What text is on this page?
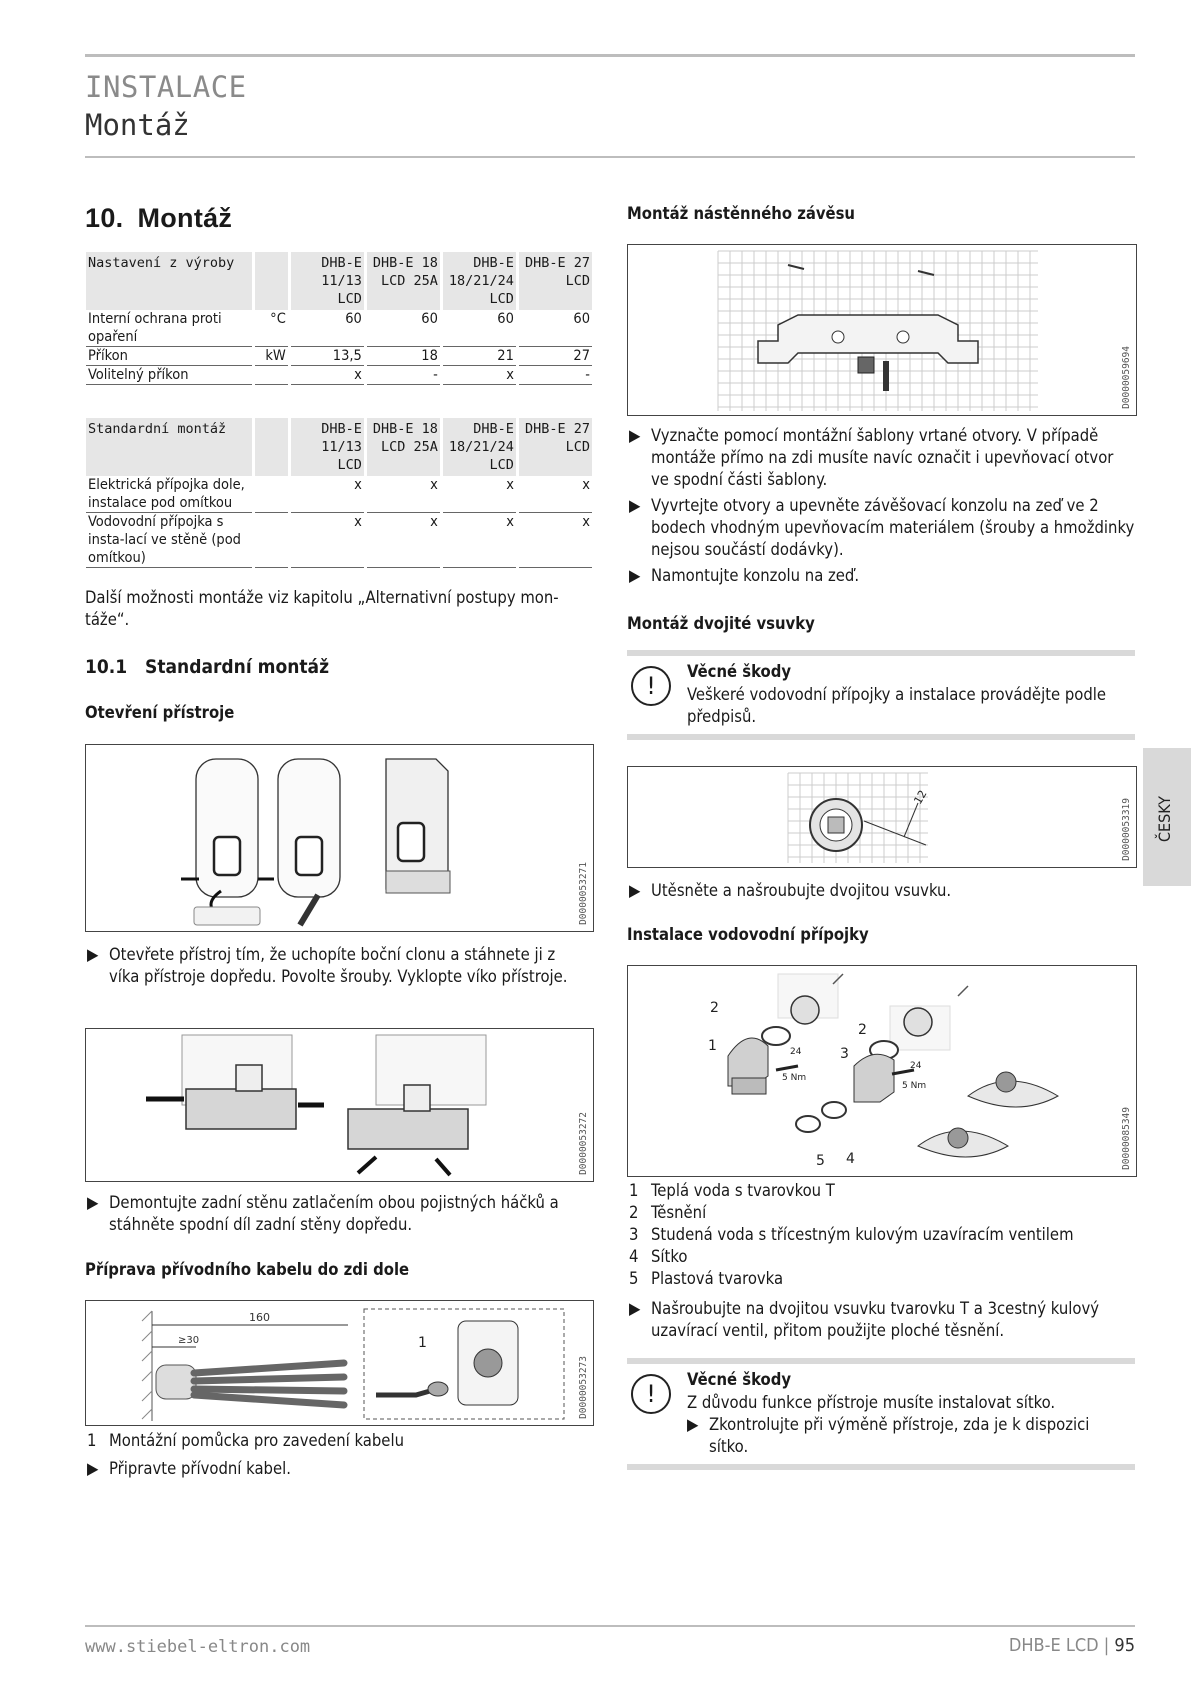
INSTALACE
Montáž
10. Montáž
Nastavení z výroby		DHB-E 11/13 LCD	DHB-E 18 LCD 25A	DHB-E 18/21/24 LCD	DHB-E 27 LCD
Interní ochrana proti opaření	°C	60	60	60	60
Příkon	kW	13,5	18	21	27
Volitelný příkon		x	-	x	-
Standardní montáž		DHB-E 11/13 LCD	DHB-E 18 LCD 25A	DHB-E 18/21/24 LCD	DHB-E 27 LCD
Elektrická přípojka dole, instalace pod omítkou		x	x	x	x
Vodovodní přípojka s insta-lací ve stěně (pod omítkou)		x	x	x	x

Další možnosti montáže viz kapitolu „Alternativní postupy mon-táže“.

10.1 Standardní montáž
Otevření přístroje
D0000053271
▶ Otevřete přístroj tím, že uchopíte boční clonu a stáhnete ji z víka přístroje dopředu. Povolte šrouby. Vyklopte víko přístroje.
D0000053272
▶ Demontujte zadní stěnu zatlačením obou pojistných háčků a stáhněte spodní díl zadní stěny dopředu.
Příprava přívodního kabelu do zdi dole
160
≥30	1
D0000053273
1 Montážní pomůcka pro zavedení kabelu
▶ Připravte přívodní kabel.
Montáž nástěnného závěsu
D0000059694
▶ Vyznačte pomocí montážní šablony vrtané otvory. V případě montáže přímo na zdi musíte navíc označit i upevňovací otvor ve spodní části šablony.
▶ Vyvrtejte otvory a upevněte závěšovací konzolu na zeď ve 2 bodech vhodným upevňovacím materiálem (šrouby a hmoždinky nejsou součástí dodávky).
▶ Namontujte konzolu na zeď.
Montáž dvojité vsuvky
!
Věcné škody
Veškeré vodovodní přípojky a instalace provádějte podle předpisů.
12
D0000053319
▶ Utěsněte a našroubujte dvojitou vsuvku.
Instalace vodovodní přípojky
2
1
2
3
24
5 Nm
24
5 Nm
5 4	D0000085349
1 Teplá voda s tvarovkou T
2 Těsnění
3 Studená voda s třícestným kulovým uzavíracím ventilem
4 Sítko
5 Plastová tvarovka
▶ Našroubujte na dvojitou vsuvku tvarovku T a 3cestný kulový uzavírací ventil, přitom použijte ploché těsnění.
!
Věcné škody
Z důvodu funkce přístroje musíte instalovat sítko.
▶ Zkontrolujte při výměně přístroje, zda je k dispozici sítko.
ČESKY
www.stiebel-eltron.com	DHB-E LCD | 95
